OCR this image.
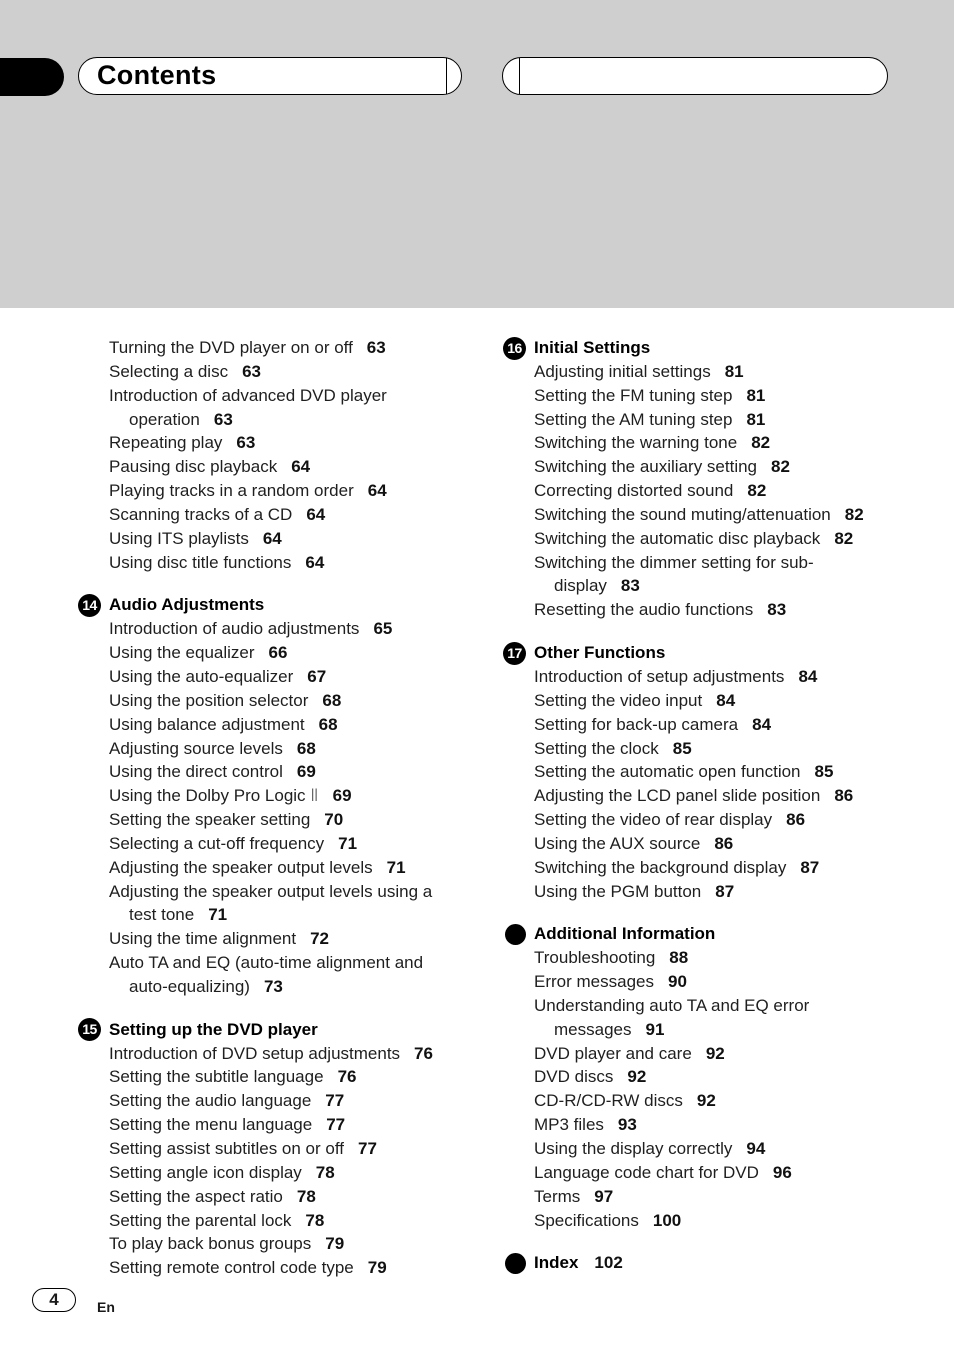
Contents
Turning the DVD player on or off 63
Selecting a disc 63
Introduction of advanced DVD player
operation 63
Repeating play 63
Pausing disc playback 64
Playing tracks in a random order 64
Scanning tracks of a CD 64
Using ITS playlists 64
Using disc title functions 64
14 Audio Adjustments
Introduction of audio adjustments 65
Using the equalizer 66
Using the auto-equalizer 67
Using the position selector 68
Using balance adjustment 68
Adjusting source levels 68
Using the direct control 69
Using the Dolby Pro Logic Ⅱ 69
Setting the speaker setting 70
Selecting a cut-off frequency 71
Adjusting the speaker output levels 71
Adjusting the speaker output levels using a
test tone 71
Using the time alignment 72
Auto TA and EQ (auto-time alignment and
auto-equalizing) 73
15 Setting up the DVD player
Introduction of DVD setup adjustments 76
Setting the subtitle language 76
Setting the audio language 77
Setting the menu language 77
Setting assist subtitles on or off 77
Setting angle icon display 78
Setting the aspect ratio 78
Setting the parental lock 78
To play back bonus groups 79
Setting remote control code type 79
16 Initial Settings
Adjusting initial settings 81
Setting the FM tuning step 81
Setting the AM tuning step 81
Switching the warning tone 82
Switching the auxiliary setting 82
Correcting distorted sound 82
Switching the sound muting/attenuation 82
Switching the automatic disc playback 82
Switching the dimmer setting for sub-
display 83
Resetting the audio functions 83
17 Other Functions
Introduction of setup adjustments 84
Setting the video input 84
Setting for back-up camera 84
Setting the clock 85
Setting the automatic open function 85
Adjusting the LCD panel slide position 86
Setting the video of rear display 86
Using the AUX source 86
Switching the background display 87
Using the PGM button 87
Additional Information
Troubleshooting 88
Error messages 90
Understanding auto TA and EQ error
messages 91
DVD player and care 92
DVD discs 92
CD-R/CD-RW discs 92
MP3 files 93
Using the display correctly 94
Language code chart for DVD 96
Terms 97
Specifications 100
Index 102
4	En
